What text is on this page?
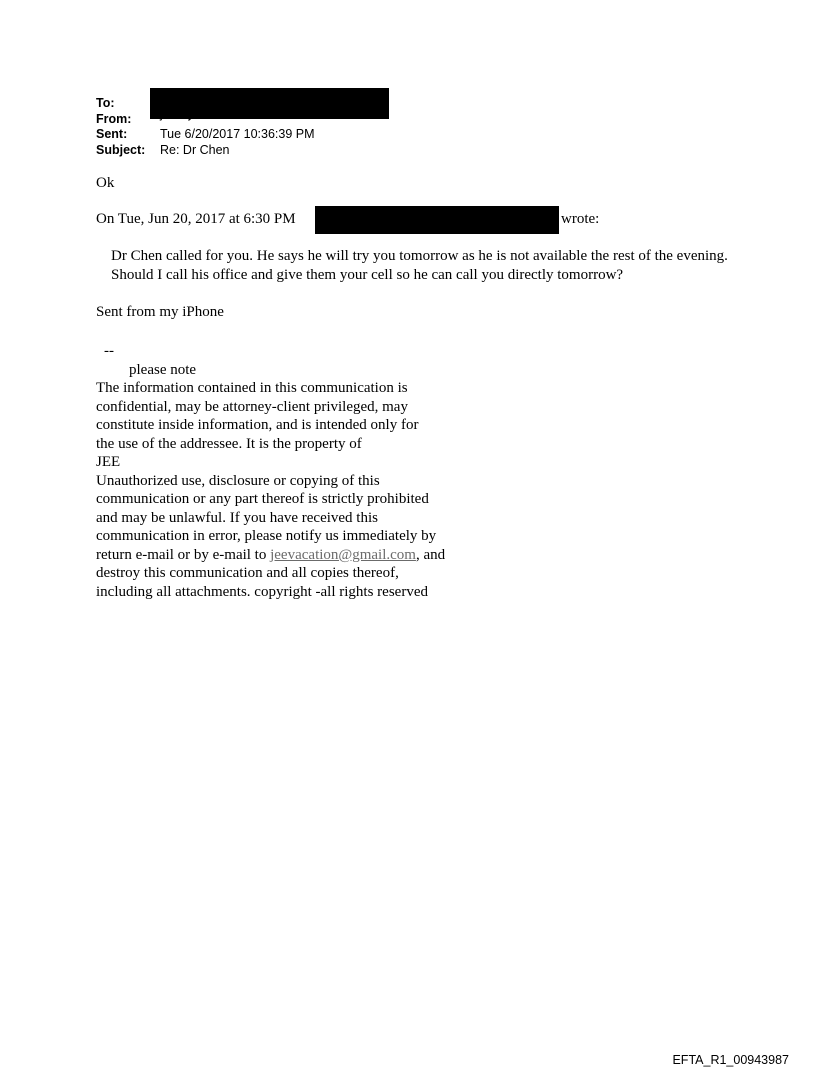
To:
From:
Sent:	Tue 6/20/2017 10:36:39 PM
Subject: Re: Dr Chen
Ok
On Tue, Jun 20, 2017 at 6:30 PM	wrote:

Dr Chen called for you. He says he will try you tomorrow as he is not available the rest of the evening. Should I call his office and give them your cell so he can call you directly tomorrow?

Sent from my iPhone
--
please note
The information contained in this communication is
confidential, may be attorney-client privileged, may
constitute inside information, and is intended only for
the use of the addressee. It is the property of
JEE
Unauthorized use, disclosure or copying of this
communication or any part thereof is strictly prohibited
and may be unlawful. If you have received this
communication in error, please notify us immediately by
return e-mail or by e-mail to jeevacation@gmail.com, and
destroy this communication and all copies thereof,
including all attachments. copyright -all rights reserved
EFTA_R1_00943987
